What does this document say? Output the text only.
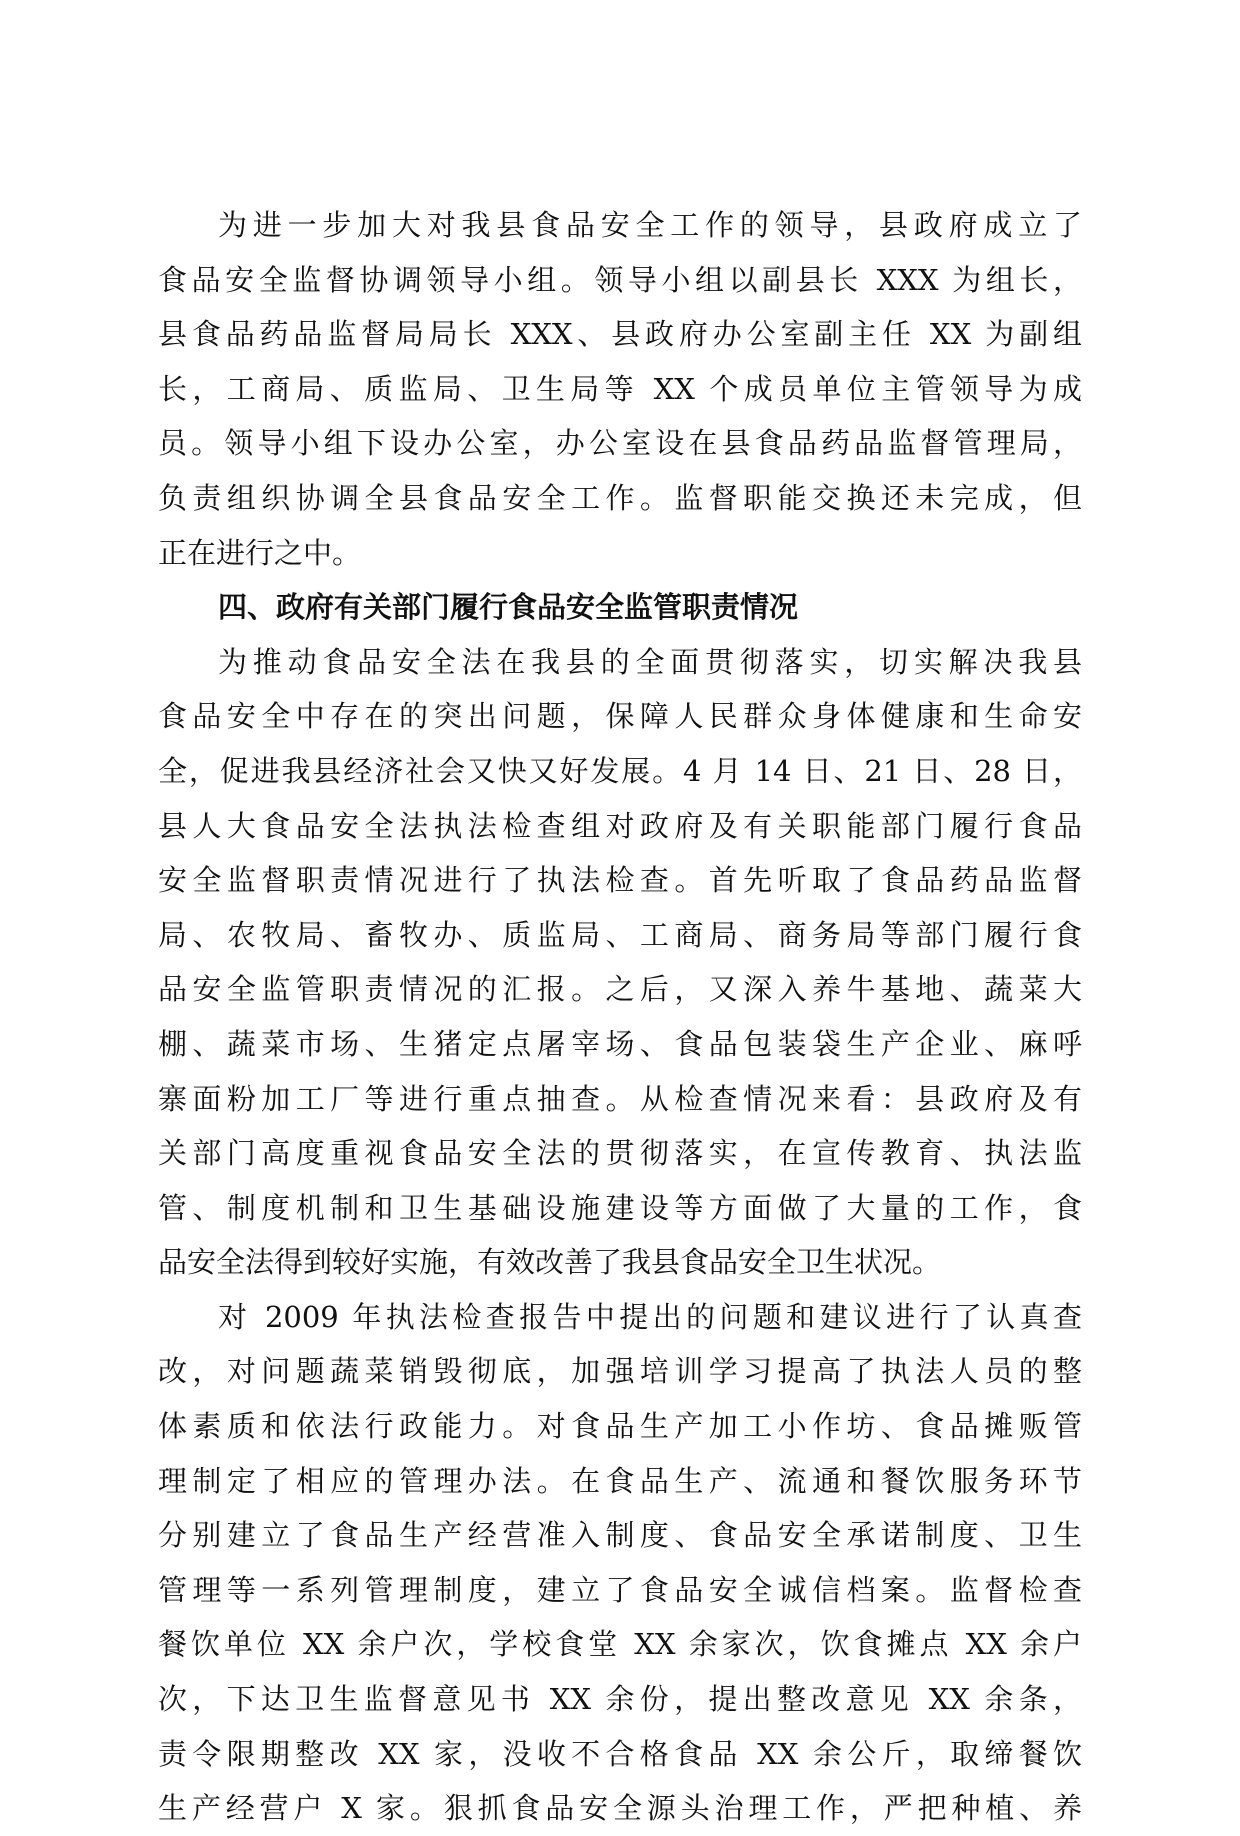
为进一步加大对我县食品安全工作的领导，县政府成立了
食品安全监督协调领导小组。领导小组以副县长 XXX 为组长，
县食品药品监督局局长 XXX、县政府办公室副主任 XX 为副组
长，工商局、质监局、卫生局等 XX 个成员单位主管领导为成
员。领导小组下设办公室，办公室设在县食品药品监督管理局，
负责组织协调全县食品安全工作。监督职能交换还未完成，但
正在进行之中。
四、政府有关部门履行食品安全监管职责情况
为推动食品安全法在我县的全面贯彻落实，切实解决我县
食品安全中存在的突出问题，保障人民群众身体健康和生命安
全，促进我县经济社会又快又好发展。4 月 14 日、21 日、28 日，
县人大食品安全法执法检查组对政府及有关职能部门履行食品
安全监督职责情况进行了执法检查。首先听取了食品药品监督
局、农牧局、畜牧办、质监局、工商局、商务局等部门履行食
品安全监管职责情况的汇报。之后，又深入养牛基地、蔬菜大
棚、蔬菜市场、生猪定点屠宰场、食品包装袋生产企业、麻呼
寨面粉加工厂等进行重点抽查。从检查情况来看：县政府及有
关部门高度重视食品安全法的贯彻落实，在宣传教育、执法监
管、制度机制和卫生基础设施建设等方面做了大量的工作，食
品安全法得到较好实施，有效改善了我县食品安全卫生状况。
对 2009 年执法检查报告中提出的问题和建议进行了认真查
改，对问题蔬菜销毁彻底，加强培训学习提高了执法人员的整
体素质和依法行政能力。对食品生产加工小作坊、食品摊贩管
理制定了相应的管理办法。在食品生产、流通和餐饮服务环节
分别建立了食品生产经营准入制度、食品安全承诺制度、卫生
管理等一系列管理制度，建立了食品安全诚信档案。监督检查
餐饮单位 XX 余户次，学校食堂 XX 余家次，饮食摊点 XX 余户
次，下达卫生监督意见书 XX 余份，提出整改意见 XX 余条，
责令限期整改 XX 家，没收不合格食品 XX 余公斤，取缔餐饮
生产经营户 X 家。狠抓食品安全源头治理工作，严把种植、养
